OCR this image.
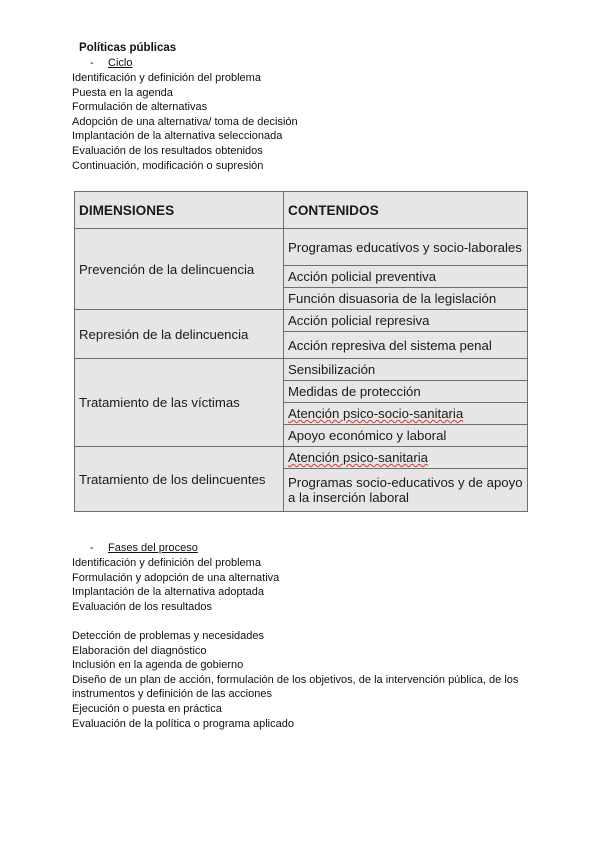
Políticas públicas
- Ciclo
Identificación y definición del problema
Puesta en la agenda
Formulación de alternativas
Adopción de una alternativa/ toma de decisión
Implantación de la alternativa seleccionada
Evaluación de los resultados obtenidos
Continuación, modificación o supresión
DIMENSIONES	CONTENIDOS
Prevención de la delincuencia	Programas educativos y socio-laborales
	Acción policial preventiva
	Función disuasoria de la legislación
Represión de la delincuencia	Acción policial represiva
	Acción represiva del sistema penal
Tratamiento de las víctimas	Sensibilización
	Medidas de protección
	Atención psico-socio-sanitaria
	Apoyo económico y laboral
Tratamiento de los delincuentes	Atención psico-sanitaria
	Programas socio-educativos y de apoyo a la inserción laboral
- Fases del proceso
Identificación y definición del problema
Formulación y adopción de una alternativa
Implantación de la alternativa adoptada
Evaluación de los resultados
Detección de problemas y necesidades
Elaboración del diagnóstico
Inclusión en la agenda de gobierno
Diseño de un plan de acción, formulación de los objetivos, de la intervención pública, de los
instrumentos y definición de las acciones
Ejecución o puesta en práctica
Evaluación de la política o programa aplicado
